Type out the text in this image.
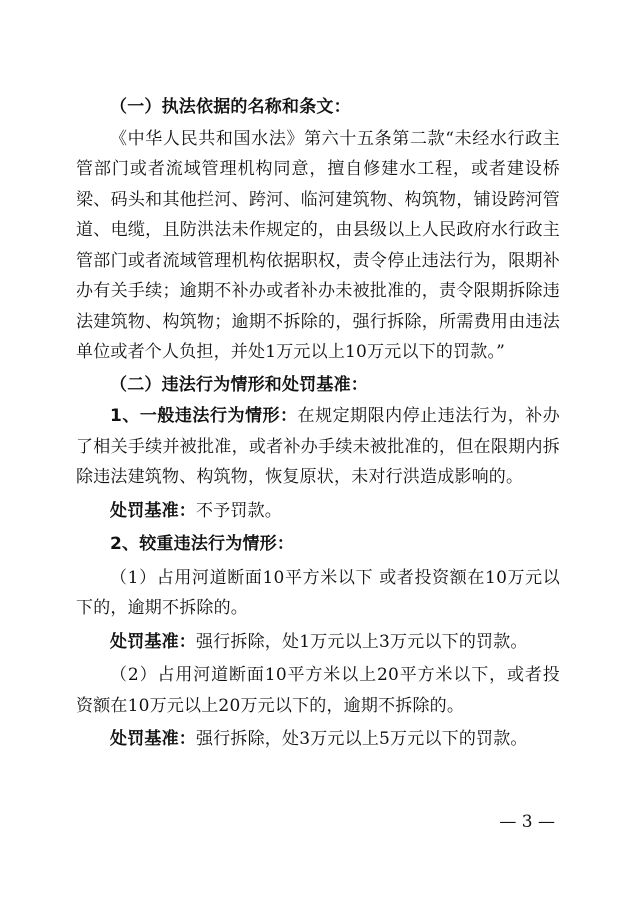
（一）执法依据的名称和条文：

《中华人民共和国水法》第六十五条第二款“未经水行政主管部门或者流域管理机构同意，擅自修建水工程，或者建设桥梁、码头和其他拦河、跨河、临河建筑物、构筑物，铺设跨河管道、电缆，且防洪法未作规定的，由县级以上人民政府水行政主管部门或者流域管理机构依据职权，责令停止违法行为，限期补办有关手续；逾期不补办或者补办未被批准的，责令限期拆除违法建筑物、构筑物；逾期不拆除的，强行拆除，所需费用由违法单位或者个人负担，并处1万元以上10万元以下的罚款。”

（二）违法行为情形和处罚基准：

1、一般违法行为情形：在规定期限内停止违法行为，补办了相关手续并被批准，或者补办手续未被批准的，但在限期内拆除违法建筑物、构筑物，恢复原状，未对行洪造成影响的。

处罚基准：不予罚款。

2、较重违法行为情形：

（1）占用河道断面10平方米以下 或者投资额在10万元以下的，逾期不拆除的。

处罚基准：强行拆除，处1万元以上3万元以下的罚款。

（2）占用河道断面10平方米以上20平方米以下，或者投资额在10万元以上20万元以下的，逾期不拆除的。

处罚基准：强行拆除，处3万元以上5万元以下的罚款。

— 3 —
